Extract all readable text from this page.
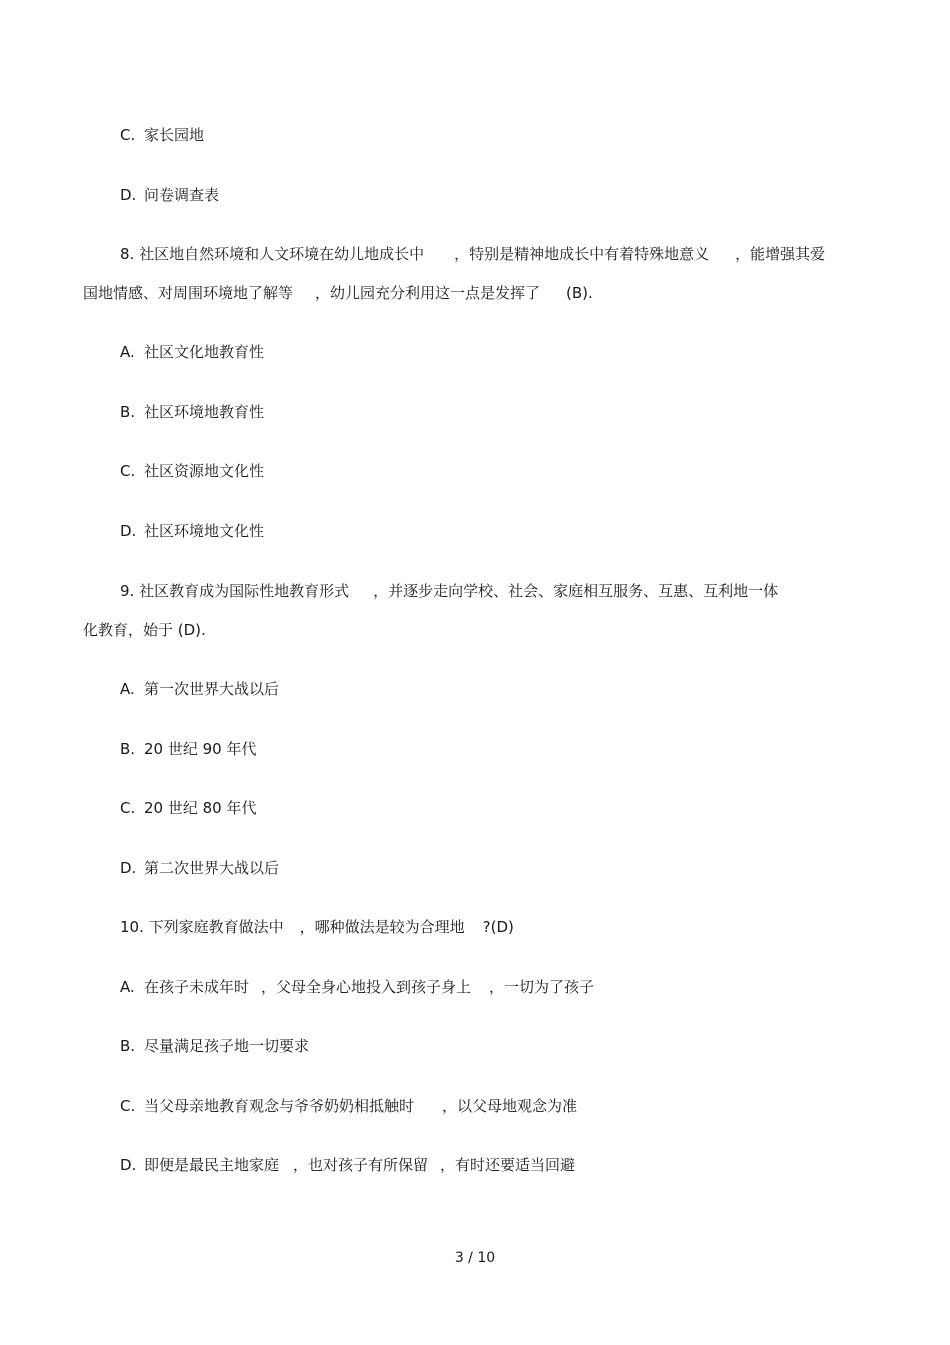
C. 家长园地
D. 问卷调查表
8. 社区地自然环境和人文环境在幼儿地成长中 ，特别是精神地成长中有着特殊地意义 ，能增强其爱
国地情感、对周围环境地了解等 ，幼儿园充分利用这一点是发挥了 (B).
A. 社区文化地教育性
B. 社区环境地教育性
C. 社区资源地文化性
D. 社区环境地文化性
9. 社区教育成为国际性地教育形式 ，并逐步走向学校、社会、家庭相互服务、互惠、互利地一体
化教育，始于 (D).
A. 第一次世界大战以后
B. 20 世纪 90 年代
C. 20 世纪 80 年代
D. 第二次世界大战以后
10. 下列家庭教育做法中 ，哪种做法是较为合理地 ?(D)
A. 在孩子未成年时 ，父母全身心地投入到孩子身上 ，一切为了孩子
B. 尽量满足孩子地一切要求
C. 当父母亲地教育观念与爷爷奶奶相抵触时 ，以父母地观念为准
D. 即便是最民主地家庭 ，也对孩子有所保留 ，有时还要适当回避
3 / 10
